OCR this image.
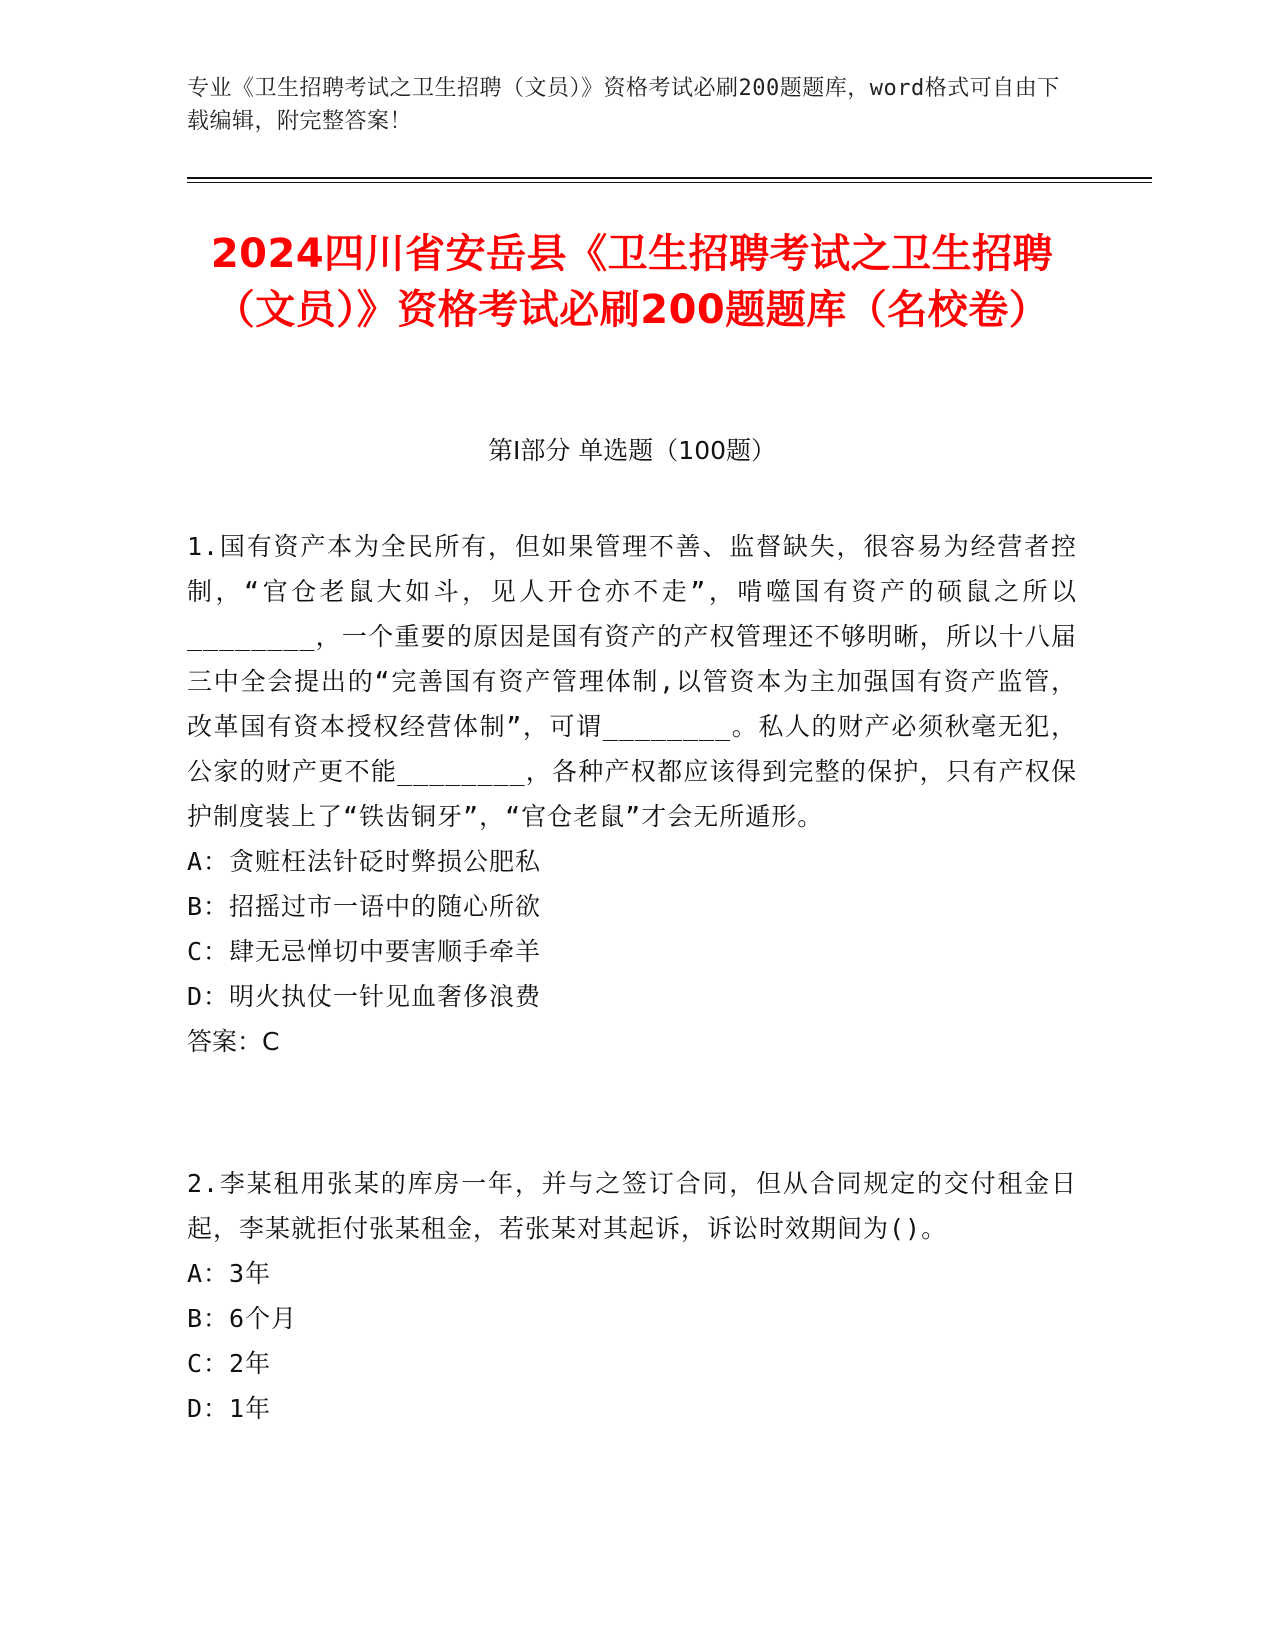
专业《卫生招聘考试之卫生招聘（文员）》资格考试必刷200题题库，word格式可自由下载编辑，附完整答案！
2024四川省安岳县《卫生招聘考试之卫生招聘（文员）》资格考试必刷200题题库（名校卷）
第I部分 单选题（100题）

1.国有资产本为全民所有，但如果管理不善、监督缺失，很容易为经营者控制，“官仓老鼠大如斗，见人开仓亦不走”，啃噬国有资产的硕鼠之所以________，一个重要的原因是国有资产的产权管理还不够明晰，所以十八届三中全会提出的“完善国有资产管理体制,以管资本为主加强国有资产监管，改革国有资本授权经营体制”，可谓________。私人的财产必须秋毫无犯，公家的财产更不能________，各种产权都应该得到完整的保护，只有产权保护制度装上了“铁齿铜牙”，“官仓老鼠”才会无所遁形。

A：贪赃枉法针砭时弊损公肥私

B：招摇过市一语中的随心所欲

C：肆无忌惮切中要害顺手牵羊

D：明火执仗一针见血奢侈浪费

答案：C

2.李某租用张某的库房一年，并与之签订合同，但从合同规定的交付租金日起，李某就拒付张某租金，若张某对其起诉，诉讼时效期间为()。

A：3年

B：6个月

C：2年

D：1年
